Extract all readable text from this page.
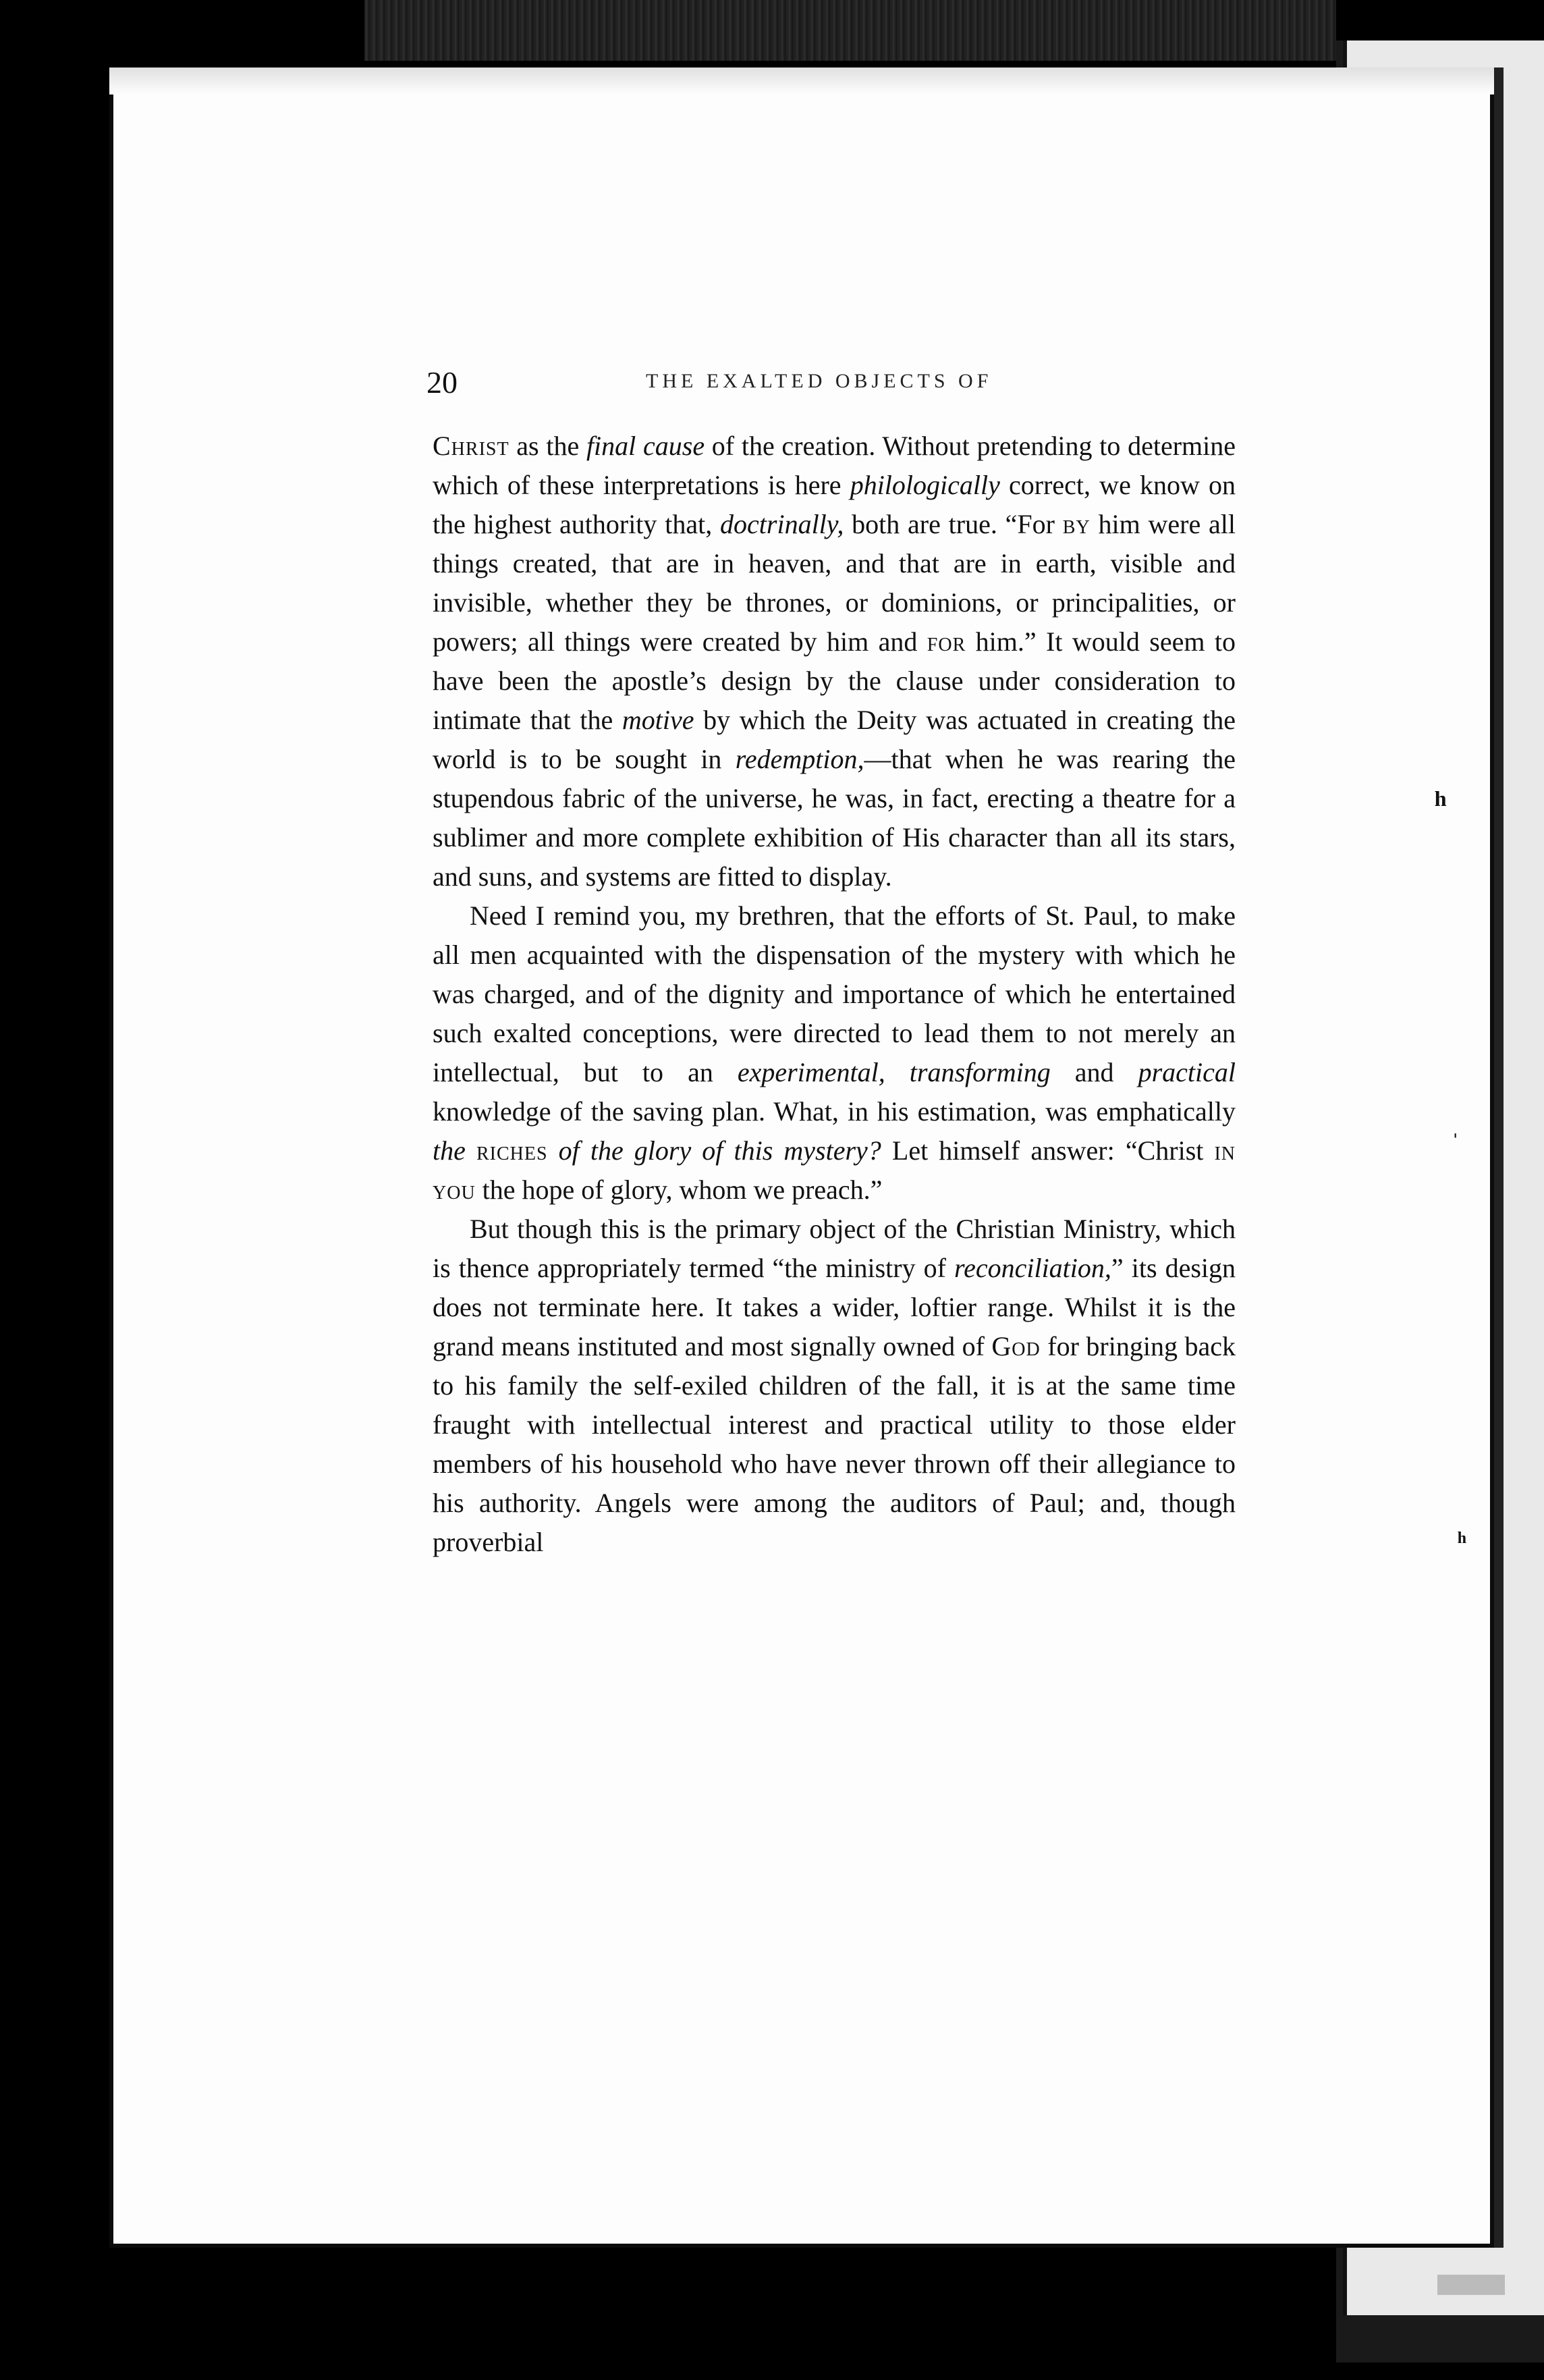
20	THE EXALTED OBJECTS OF

Christ as the final cause of the creation. Without pretending to determine which of these interpretations is here philologically correct, we know on the highest authority that, doctrinally, both are true. “For by him were all things created, that are in heaven, and that are in earth, visible and invisible, whether they be thrones, or dominions, or principalities, or powers; all things were created by him and for him.” It would seem to have been the apostle’s design by the clause under consideration to intimate that the motive by which the Deity was actuated in creating the world is to be sought in redemption,—that when he was rearing the stupendous fabric of the universe, he was, in fact, erecting a theatre for a sublimer and more complete exhibition of His character than all its stars, and suns, and systems are fitted to display.

Need I remind you, my brethren, that the efforts of St. Paul, to make all men acquainted with the dispensation of the mystery with which he was charged, and of the dignity and importance of which he entertained such exalted conceptions, were directed to lead them to not merely an intellectual, but to an experimental, transforming and practical knowledge of the saving plan. What, in his estimation, was emphatically the riches of the glory of this mystery? Let himself answer: “Christ in you the hope of glory, whom we preach.”

But though this is the primary object of the Christian Ministry, which is thence appropriately termed “the ministry of reconciliation,” its design does not terminate here. It takes a wider, loftier range. Whilst it is the grand means instituted and most signally owned of God for bringing back to his family the self-exiled children of the fall, it is at the same time fraught with intellectual interest and practical utility to those elder members of his household who have never thrown off their allegiance to his authority. Angels were among the auditors of Paul; and, though proverbial

ʰ
ˈ
ʰ
